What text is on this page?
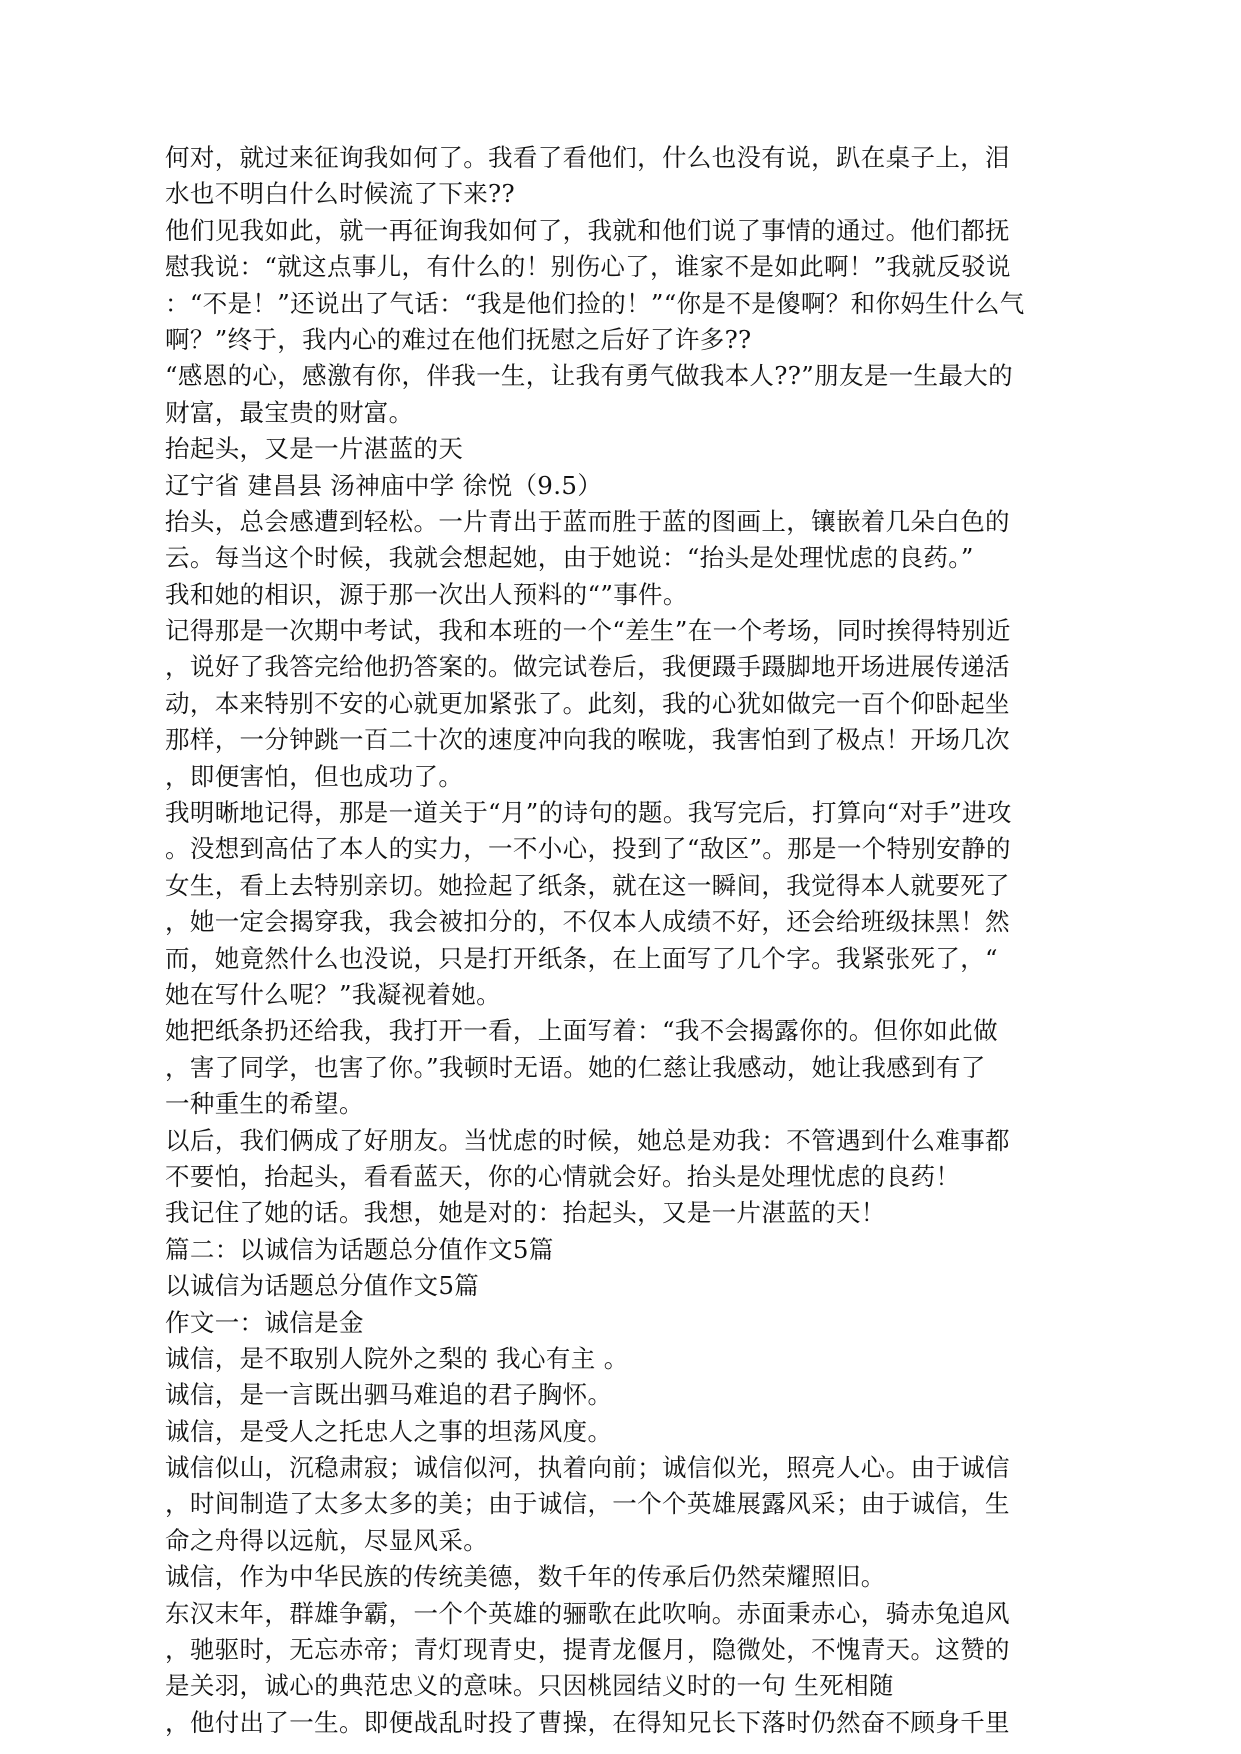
何对，就过来征询我如何了。我看了看他们，什么也没有说，趴在桌子上，泪
水也不明白什么时候流了下来??
他们见我如此，就一再征询我如何了，我就和他们说了事情的通过。他们都抚
慰我说：“就这点事儿，有什么的！别伤心了，谁家不是如此啊！”我就反驳说
：“不是！”还说出了气话：“我是他们捡的！”“你是不是傻啊？和你妈生什么气
啊？”终于，我内心的难过在他们抚慰之后好了许多??
“感恩的心，感激有你，伴我一生，让我有勇气做我本人??”朋友是一生最大的
财富，最宝贵的财富。
抬起头，又是一片湛蓝的天
辽宁省 建昌县 汤神庙中学 徐悦（9.5）
抬头，总会感遭到轻松。一片青出于蓝而胜于蓝的图画上，镶嵌着几朵白色的
云。每当这个时候，我就会想起她，由于她说：“抬头是处理忧虑的良药。”
我和她的相识，源于那一次出人预料的“”事件。
记得那是一次期中考试，我和本班的一个“差生”在一个考场，同时挨得特别近
，说好了我答完给他扔答案的。做完试卷后，我便蹑手蹑脚地开场进展传递活
动，本来特别不安的心就更加紧张了。此刻，我的心犹如做完一百个仰卧起坐
那样，一分钟跳一百二十次的速度冲向我的喉咙，我害怕到了极点！开场几次
，即便害怕，但也成功了。
我明晰地记得，那是一道关于“月”的诗句的题。我写完后，打算向“对手”进攻
。没想到高估了本人的实力，一不小心，投到了“敌区”。那是一个特别安静的
女生，看上去特别亲切。她捡起了纸条，就在这一瞬间，我觉得本人就要死了
，她一定会揭穿我，我会被扣分的，不仅本人成绩不好，还会给班级抹黑！然
而，她竟然什么也没说，只是打开纸条，在上面写了几个字。我紧张死了，“
她在写什么呢？”我凝视着她。
她把纸条扔还给我，我打开一看，上面写着：“我不会揭露你的。但你如此做
，害了同学，也害了你。”我顿时无语。她的仁慈让我感动，她让我感到有了
一种重生的希望。
以后，我们俩成了好朋友。当忧虑的时候，她总是劝我：不管遇到什么难事都
不要怕，抬起头，看看蓝天，你的心情就会好。抬头是处理忧虑的良药！
我记住了她的话。我想，她是对的：抬起头，又是一片湛蓝的天！
篇二：以诚信为话题总分值作文5篇
以诚信为话题总分值作文5篇
作文一：诚信是金
诚信，是不取别人院外之梨的 我心有主 。
诚信，是一言既出驷马难追的君子胸怀。
诚信，是受人之托忠人之事的坦荡风度。
诚信似山，沉稳肃寂；诚信似河，执着向前；诚信似光，照亮人心。由于诚信
，时间制造了太多太多的美；由于诚信，一个个英雄展露风采；由于诚信，生
命之舟得以远航，尽显风采。
诚信，作为中华民族的传统美德，数千年的传承后仍然荣耀照旧。
东汉末年，群雄争霸，一个个英雄的骊歌在此吹响。赤面秉赤心，骑赤兔追风
，驰驱时，无忘赤帝；青灯现青史，提青龙偃月，隐微处，不愧青天。这赞的
是关羽，诚心的典范忠义的意味。只因桃园结义时的一句 生死相随
，他付出了一生。即便战乱时投了曹操，在得知兄长下落时仍然奋不顾身千里
